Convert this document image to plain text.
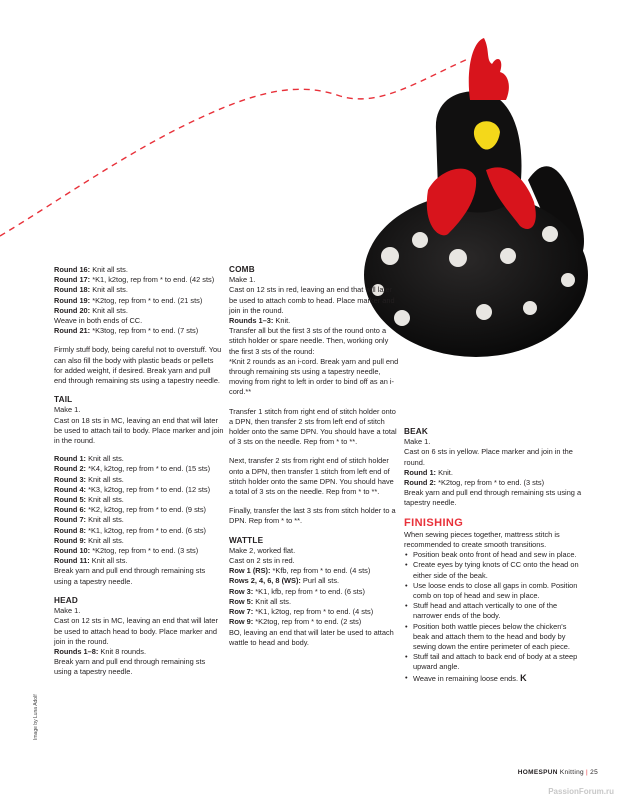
Round 16: Knit all sts.
Round 17: *K1, k2tog, rep from * to end. (42 sts)
Round 18: Knit all sts.
Round 19: *K2tog, rep from * to end. (21 sts)
Round 20: Knit all sts.
Weave in both ends of CC.
Round 21: *K3tog, rep from * to end. (7 sts)

Firmly stuff body, being careful not to overstuff. You can also fill the body with plastic beads or pellets for added weight, if desired. Break yarn and pull end through remaining sts using a tapestry needle.

TAIL
Make 1.
Cast on 18 sts in MC, leaving an end that will later be used to attach tail to body. Place marker and join in the round.

Round 1: Knit all sts.
Round 2: *K4, k2tog, rep from * to end. (15 sts)
Round 3: Knit all sts.
Round 4: *K3, k2tog, rep from * to end. (12 sts)
Round 5: Knit all sts.
Round 6: *K2, k2tog, rep from * to end. (9 sts)
Round 7: Knit all sts.
Round 8: *K1, k2tog, rep from * to end. (6 sts)
Round 9: Knit all sts.
Round 10: *K2tog, rep from * to end. (3 sts)
Round 11: Knit all sts.
Break yarn and pull end through remaining sts using a tapestry needle.

HEAD
Make 1.
Cast on 12 sts in MC, leaving an end that will later be used to attach head to body. Place marker and join in the round.
Rounds 1–8: Knit 8 rounds.
Break yarn and pull end through remaining sts using a tapestry needle.

COMB
Make 1.
Cast on 12 sts in red, leaving an end that will later be used to attach comb to head. Place marker and join in the round.
Rounds 1–3: Knit.
Transfer all but the first 3 sts of the round onto a stitch holder or spare needle. Then, working only the first 3 sts of the round:
*Knit 2 rounds as an i-cord. Break yarn and pull end through remaining sts using a tapestry needle, moving from right to left in order to bind off as an i-cord.**

Transfer 1 stitch from right end of stitch holder onto a DPN, then transfer 2 sts from left end of stitch holder onto the same DPN. You should have a total of 3 sts on the needle. Rep from * to **.

Next, transfer 2 sts from right end of stitch holder onto a DPN, then transfer 1 stitch from left end of stitch holder onto the same DPN. You should have a total of 3 sts on the needle. Rep from * to **.

Finally, transfer the last 3 sts from stitch holder to a DPN. Rep from * to **.

WATTLE
Make 2, worked flat.
Cast on 2 sts in red.
Row 1 (RS): *Kfb, rep from * to end. (4 sts)
Rows 2, 4, 6, 8 (WS): Purl all sts.
Row 3: *K1, kfb, rep from * to end. (6 sts)
Row 5: Knit all sts.
Row 7: *K1, k2tog, rep from * to end. (4 sts)
Row 9: *K2tog, rep from * to end. (2 sts)
BO, leaving an end that will later be used to attach wattle to head and body.

BEAK
Make 1.
Cast on 6 sts in yellow. Place marker and join in the round.
Round 1: Knit.
Round 2: *K2tog, rep from * to end. (3 sts)
Break yarn and pull end through remaining sts using a tapestry needle.

FINISHING

When sewing pieces together, mattress stitch is recommended to create smooth transitions.

• Position beak onto front of head and sew in place.
• Create eyes by tying knots of CC onto the head on either side of the beak.
• Use loose ends to close all gaps in comb. Position comb on top of head and sew in place.
• Stuff head and attach vertically to one of the narrower ends of the body.
• Position both wattle pieces below the chicken's beak and attach them to the head and body by sewing down the entire perimeter of each piece.
• Stuff tail and attach to back end of body at a steep upward angle.
• Weave in remaining loose ends. K
Image by Luna Adolf
HOMESPUN Knitting | 25
PassionForum.ru
